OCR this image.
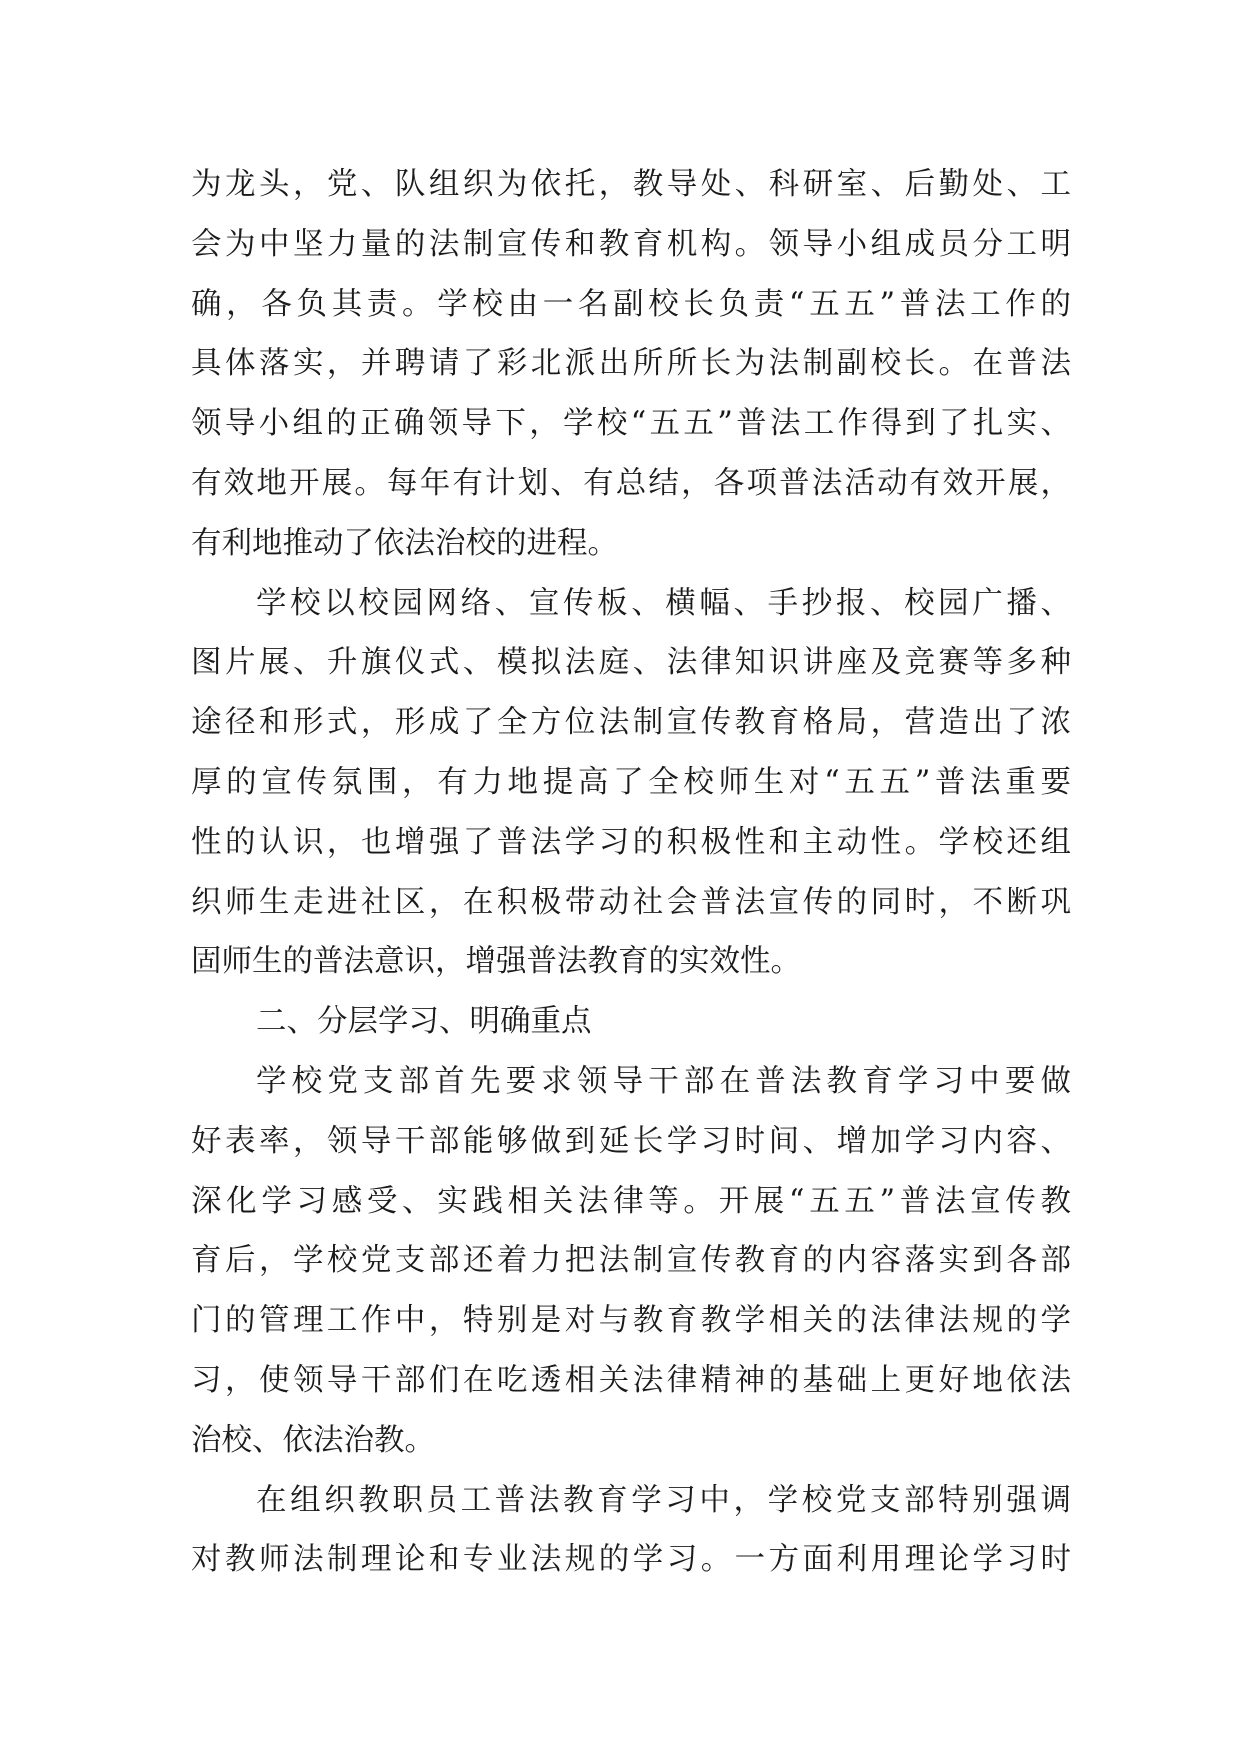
为龙头，党、队组织为依托，教导处、科研室、后勤处、工
会为中坚力量的法制宣传和教育机构。领导小组成员分工明
确，各负其责。学校由一名副校长负责“五五”普法工作的
具体落实，并聘请了彩北派出所所长为法制副校长。在普法
领导小组的正确领导下，学校“五五”普法工作得到了扎实、
有效地开展。每年有计划、有总结，各项普法活动有效开展，
有利地推动了依法治校的进程。
学校以校园网络、宣传板、横幅、手抄报、校园广播、
图片展、升旗仪式、模拟法庭、法律知识讲座及竞赛等多种
途径和形式，形成了全方位法制宣传教育格局，营造出了浓
厚的宣传氛围，有力地提高了全校师生对“五五”普法重要
性的认识，也增强了普法学习的积极性和主动性。学校还组
织师生走进社区，在积极带动社会普法宣传的同时，不断巩
固师生的普法意识，增强普法教育的实效性。
二、分层学习、明确重点
学校党支部首先要求领导干部在普法教育学习中要做
好表率，领导干部能够做到延长学习时间、增加学习内容、
深化学习感受、实践相关法律等。开展“五五”普法宣传教
育后，学校党支部还着力把法制宣传教育的内容落实到各部
门的管理工作中，特别是对与教育教学相关的法律法规的学
习，使领导干部们在吃透相关法律精神的基础上更好地依法
治校、依法治教。
在组织教职员工普法教育学习中，学校党支部特别强调
对教师法制理论和专业法规的学习。一方面利用理论学习时
